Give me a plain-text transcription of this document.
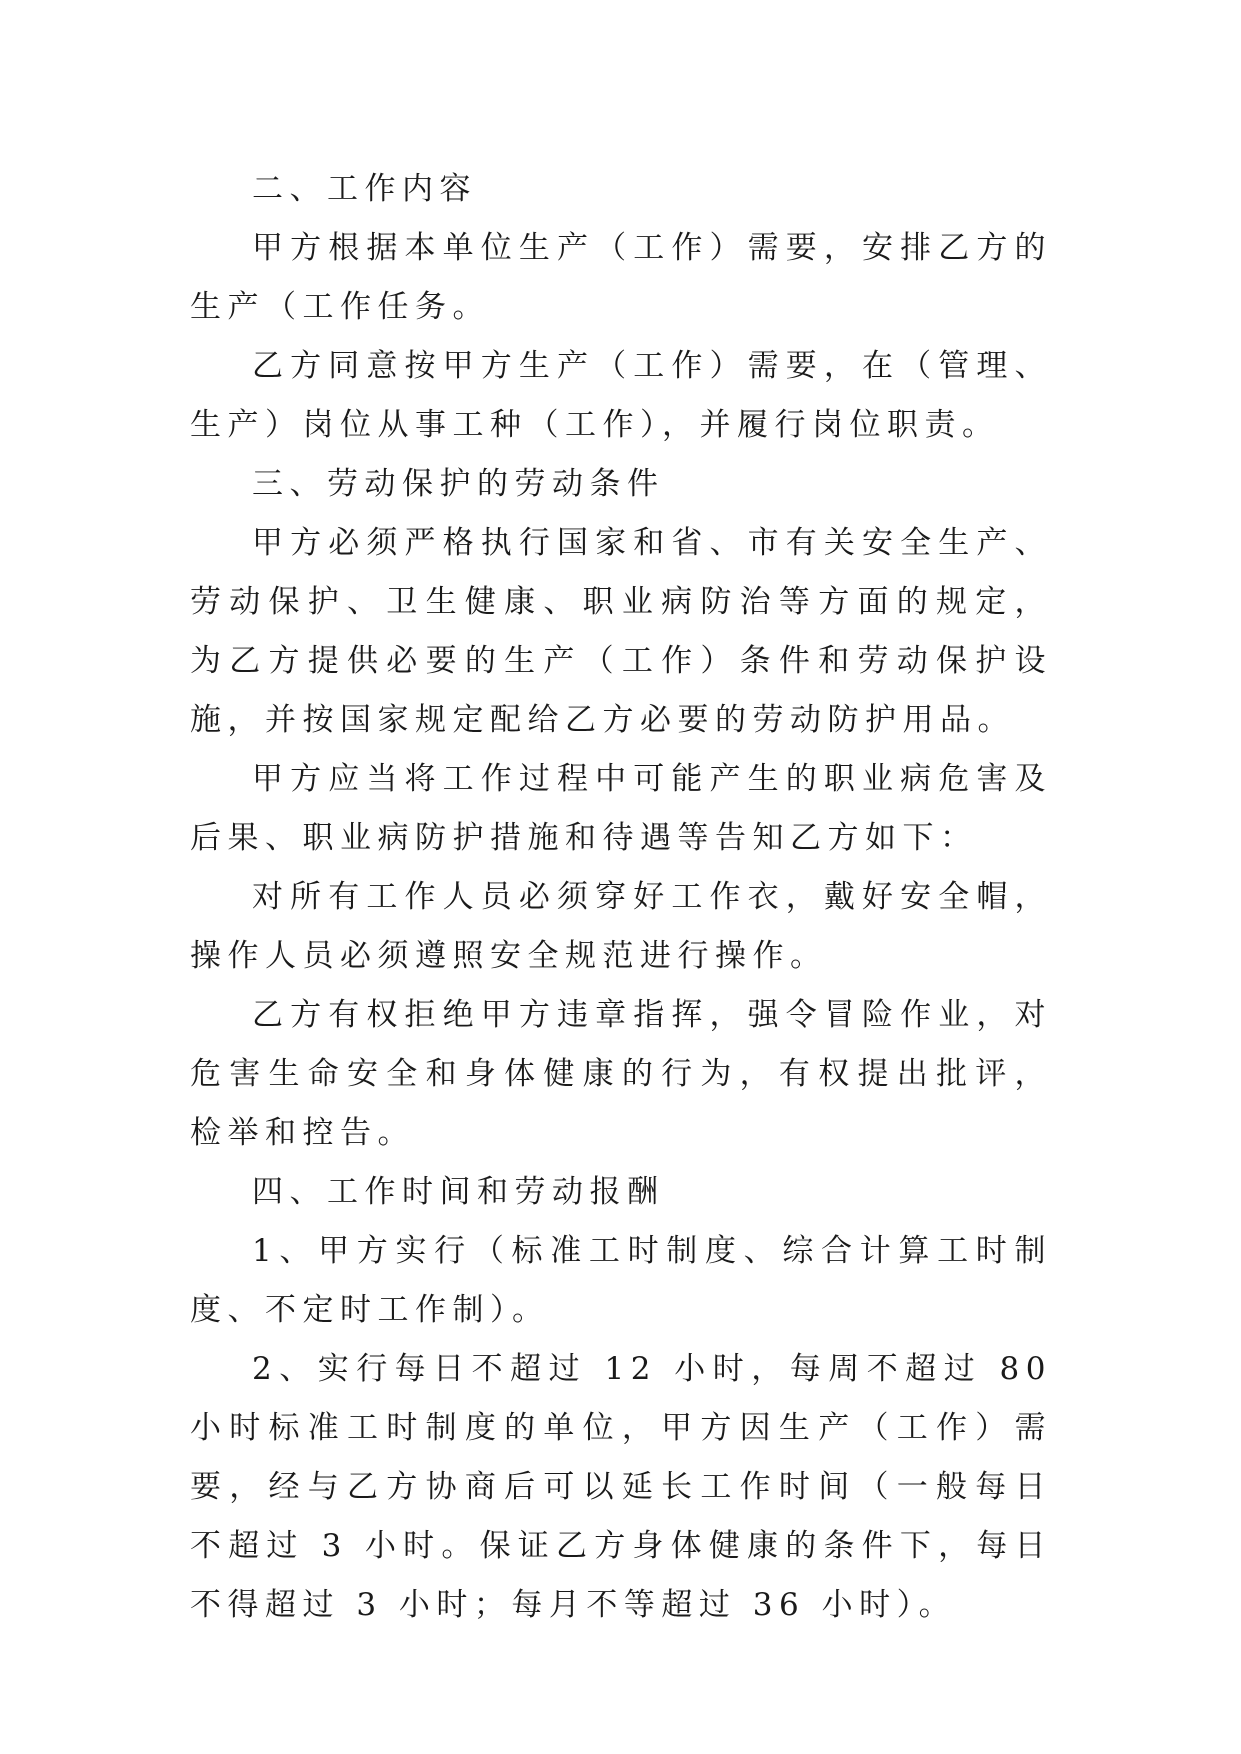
二、工作内容

甲方根据本单位生产（工作）需要，安排乙方的生产（工作任务。

乙方同意按甲方生产（工作）需要，在（管理、生产）岗位从事工种（工作），并履行岗位职责。

三、劳动保护的劳动条件

甲方必须严格执行国家和省、市有关安全生产、劳动保护、卫生健康、职业病防治等方面的规定，为乙方提供必要的生产（工作）条件和劳动保护设施，并按国家规定配给乙方必要的劳动防护用品。

甲方应当将工作过程中可能产生的职业病危害及后果、职业病防护措施和待遇等告知乙方如下：

对所有工作人员必须穿好工作衣，戴好安全帽，操作人员必须遵照安全规范进行操作。

乙方有权拒绝甲方违章指挥，强令冒险作业，对危害生命安全和身体健康的行为，有权提出批评，检举和控告。

四、工作时间和劳动报酬

1、甲方实行（标准工时制度、综合计算工时制度、不定时工作制）。

2、实行每日不超过 12 小时，每周不超过 80 小时标准工时制度的单位，甲方因生产（工作）需要，经与乙方协商后可以延长工作时间（一般每日不超过 3 小时。保证乙方身体健康的条件下，每日不得超过 3 小时；每月不等超过 36 小时）。
